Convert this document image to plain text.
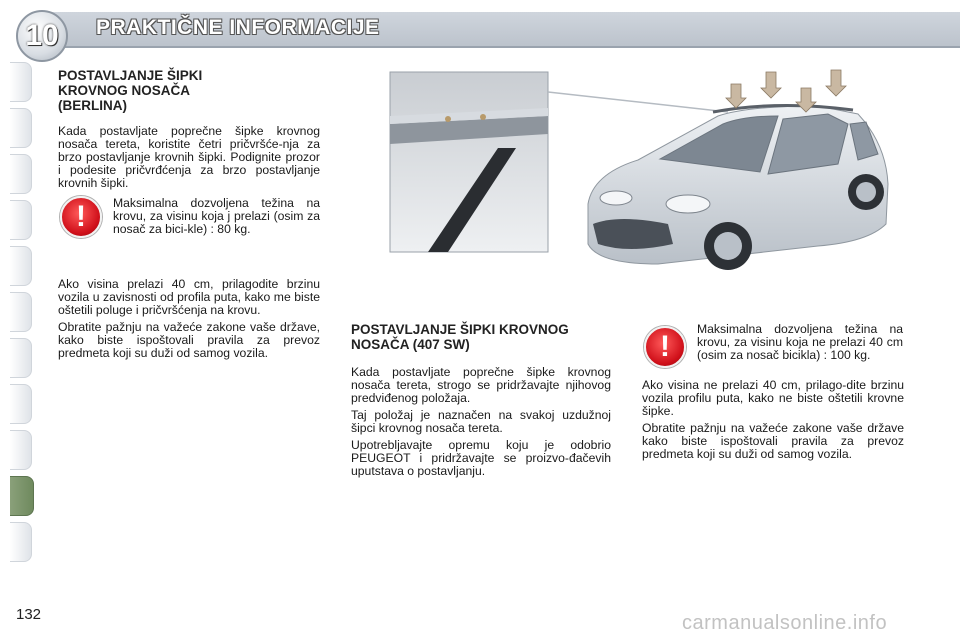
10	PRAKTIČNE INFORMACIJE
POSTAVLJANJE ŠIPKI KROVNOG NOSAČA (BERLINA)

Kada postavljate poprečne šipke krovnog nosača tereta, koristite četri pričvršće-nja za brzo postavljanje krovnih šipki. Podignite prozor i podesite pričvrđćenja za brzo postavljanje krovnih šipki.

!	Maksimalna dozvoljena težina na krovu, za visinu koja j prelazi (osim za nosač za bici-kle) : 80 kg.

Ako visina prelazi 40 cm, prilagodite brzinu vozila u zavisnosti od profila puta, kako me biste oštetili poluge i pričvršćenja na krovu.

Obratite pažnju na važeće zakone vaše države, kako biste ispoštovali pravila za prevoz predmeta koji su duži od samog vozila.

POSTAVLJANJE ŠIPKI KROVNOG NOSAČA (407 SW)

Kada postavljate poprečne šipke krovnog nosača tereta, strogo se pridržavajte njihovog predviđenog položaja.

Taj položaj je naznačen na svakoj uzdužnoj šipci krovnog nosača tereta.

Upotrebljavajte opremu koju je odobrio PEUGEOT i pridržavajte se proizvo-đačevih uputstava o postavljanju.

!
Maksimalna dozvoljena težina na krovu, za visinu koja ne prelazi 40 cm (osim za nosač bicikla) : 100 kg.

Ako visina ne prelazi 40 cm, prilago-dite brzinu vozila profilu puta, kako ne biste oštetili krovne šipke.

Obratite pažnju na važeće zakone vaše države kako biste ispoštovali pravila za prevoz predmeta koji su duži od samog vozila.

132	carmanualsonline.info
